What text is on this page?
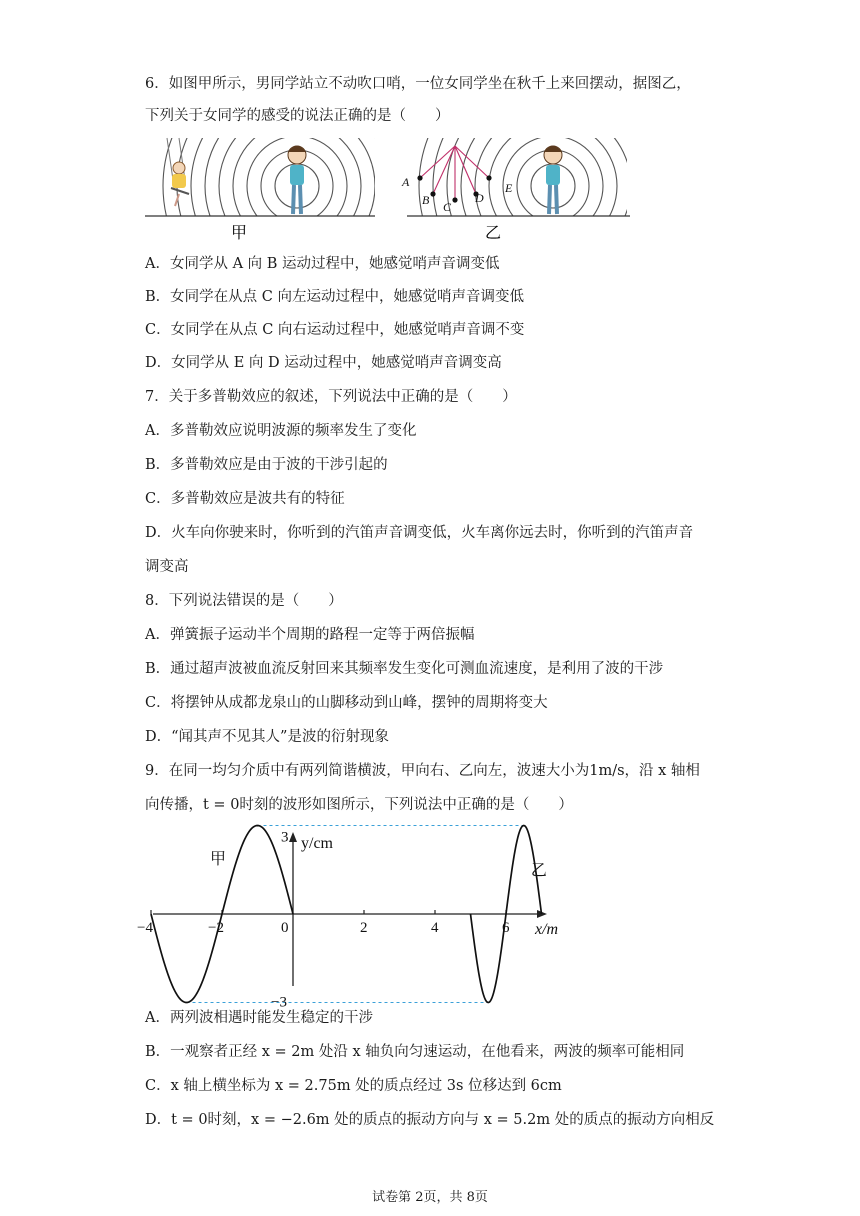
6．如图甲所示，男同学站立不动吹口哨，一位女同学坐在秋千上来回摆动，据图乙，
下列关于女同学的感受的说法正确的是（　　）
A
B C
D
E
甲	乙
A．女同学从 A 向 B 运动过程中，她感觉哨声音调变低
B．女同学在从点 C 向左运动过程中，她感觉哨声音调变低
C．女同学在从点 C 向右运动过程中，她感觉哨声音调不变
D．女同学从 E 向 D 运动过程中，她感觉哨声音调变高
7．关于多普勒效应的叙述，下列说法中正确的是（　　）
A．多普勒效应说明波源的频率发生了变化
B．多普勒效应是由于波的干涉引起的
C．多普勒效应是波共有的特征
D．火车向你驶来时，你听到的汽笛声音调变低，火车离你远去时，你听到的汽笛声音
调变高
8．下列说法错误的是（　　）
A．弹簧振子运动半个周期的路程一定等于两倍振幅
B．通过超声波被血流反射回来其频率发生变化可测血流速度，是利用了波的干涉
C．将摆钟从成都龙泉山的山脚移动到山峰，摆钟的周期将变大
D．“闻其声不见其人”是波的衍射现象
9．在同一均匀介质中有两列简谐横波，甲向右、乙向左，波速大小为1m/s，沿 x 轴相
向传播，t = 0时刻的波形如图所示，下列说法中正确的是（　　）
−4	−2	0	2	4	6
3
−3
y/cm
x/m
甲
乙
A．两列波相遇时能发生稳定的干涉
B．一观察者正经 x = 2m 处沿 x 轴负向匀速运动，在他看来，两波的频率可能相同
C．x 轴上横坐标为 x = 2.75m 处的质点经过 3s 位移达到 6cm
D．t = 0时刻，x = −2.6m 处的质点的振动方向与 x = 5.2m 处的质点的振动方向相反
试卷第 2页，共 8页
